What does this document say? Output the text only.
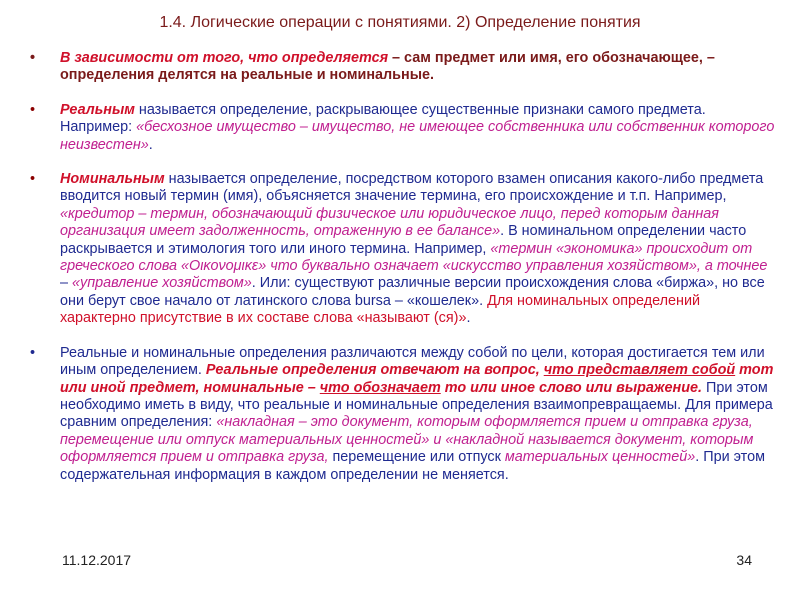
1.4. Логические операции с понятиями. 2) Определение понятия
•	В зависимости от того, что определяется – сам предмет или имя, его обозначающее, – определения делятся на реальные и номинальные.
•	Реальным называется определение, раскрывающее существенные признаки самого предмета. Например: «бесхозное имущество – имущество, не имеющее собственника или собственник которого неизвестен».
•	Номинальным называется определение, посредством которого взамен описания какого-либо предмета вводится новый термин (имя), объясняется значение термина, его происхождение и т.п. Например, «кредитор – термин, обозначающий физическое или юридическое лицо, перед которым данная организация имеет задолженность, отраженную в ее балансе». В номинальном определении часто раскрывается и этимология того или иного термина. Например, «термин «экономика» происходит от греческого слова «Οικονομικε» что буквально означает «искусство управления хозяйством», а точнее – «управление хозяйством». Или: существуют различные версии происхождения слова «биржа», но все они берут свое начало от латинского слова bursa – «кошелек». Для номинальных определений характерно присутствие в их составе слова «называют (ся)».
•	Реальные и номинальные определения различаются между собой по цели, которая достигается тем или иным определением. Реальные определения отвечают на вопрос, что представляет собой тот или иной предмет, номинальные – что обозначает то или иное слово или выражение. При этом необходимо иметь в виду, что реальные и номинальные определения взаимопревращаемы. Для примера сравним определения: «накладная – это документ, которым оформляется прием и отправка груза, перемещение или отпуск материальных ценностей» и «накладной называется документ, которым оформляется прием и отправка груза, перемещение или отпуск материальных ценностей». При этом содержательная информация в каждом определении не меняется.
11.12.2017	34
